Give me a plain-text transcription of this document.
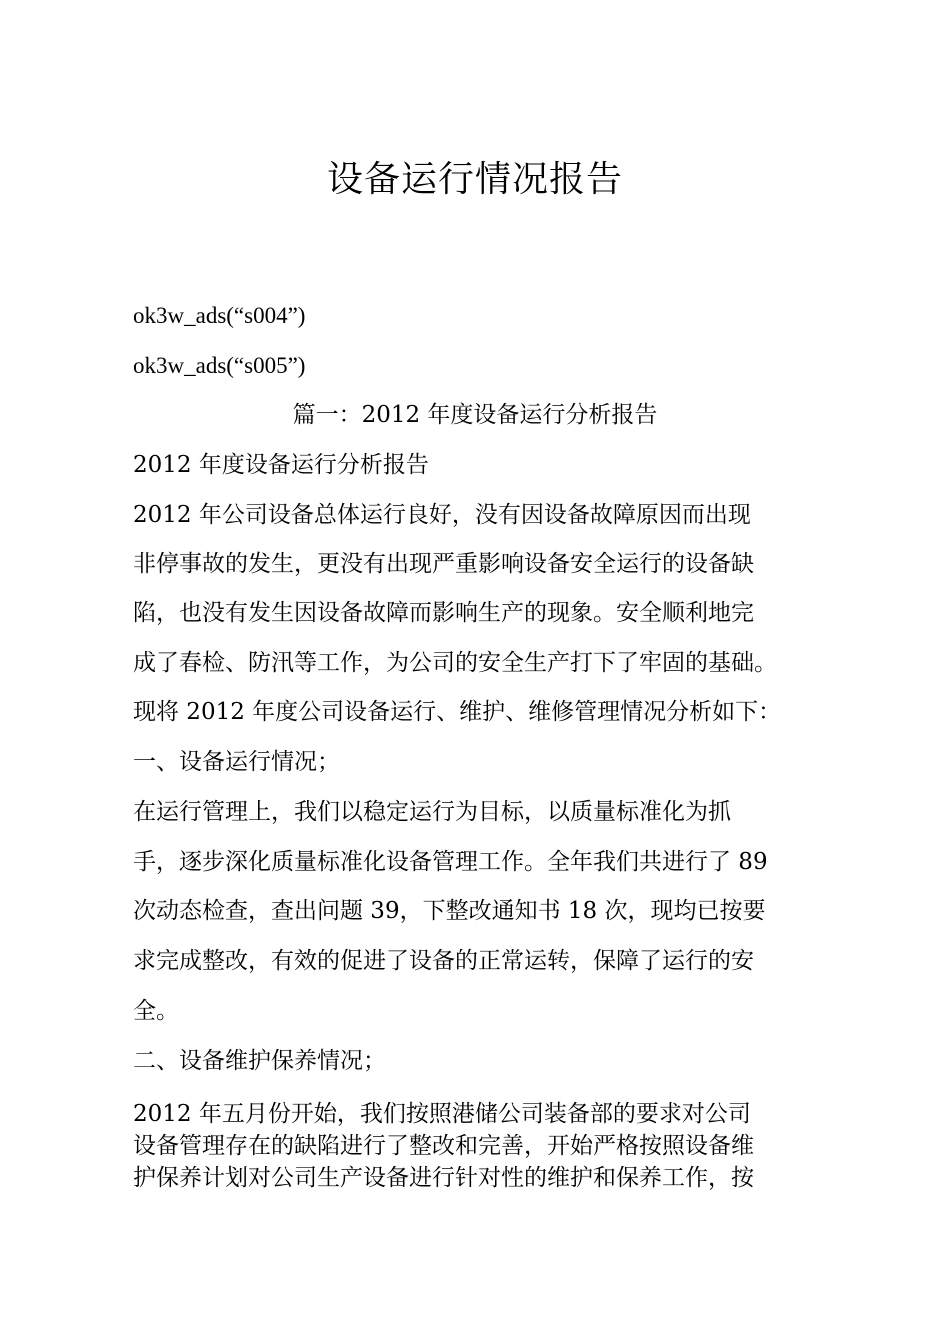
设备运行情况报告
ok3w_ads(“s004”)
ok3w_ads(“s005”)
篇一：2012 年度设备运行分析报告
2012 年度设备运行分析报告
2012 年公司设备总体运行良好，没有因设备故障原因而出现
非停事故的发生，更没有出现严重影响设备安全运行的设备缺
陷，也没有发生因设备故障而影响生产的现象。安全顺利地完
成了春检、防汛等工作，为公司的安全生产打下了牢固的基础。
现将 2012 年度公司设备运行、维护、维修管理情况分析如下：
一、设备运行情况；
在运行管理上，我们以稳定运行为目标，以质量标准化为抓
手，逐步深化质量标准化设备管理工作。全年我们共进行了 89
次动态检查，查出问题 39，下整改通知书 18 次，现均已按要
求完成整改，有效的促进了设备的正常运转，保障了运行的安
全。
二、设备维护保养情况；
2012 年五月份开始，我们按照港储公司装备部的要求对公司
设备管理存在的缺陷进行了整改和完善，开始严格按照设备维
护保养计划对公司生产设备进行针对性的维护和保养工作，按
